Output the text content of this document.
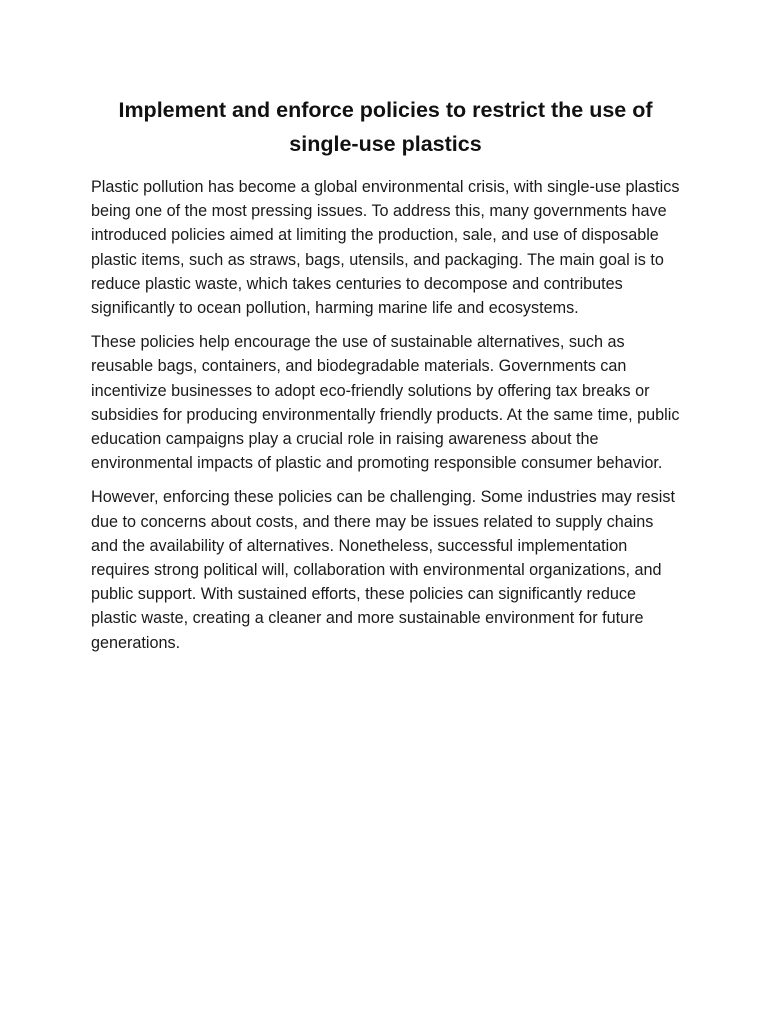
Implement and enforce policies to restrict the use of single-use plastics

Plastic pollution has become a global environmental crisis, with single-use plastics being one of the most pressing issues. To address this, many governments have introduced policies aimed at limiting the production, sale, and use of disposable plastic items, such as straws, bags, utensils, and packaging. The main goal is to reduce plastic waste, which takes centuries to decompose and contributes significantly to ocean pollution, harming marine life and ecosystems.

These policies help encourage the use of sustainable alternatives, such as reusable bags, containers, and biodegradable materials. Governments can incentivize businesses to adopt eco-friendly solutions by offering tax breaks or subsidies for producing environmentally friendly products. At the same time, public education campaigns play a crucial role in raising awareness about the environmental impacts of plastic and promoting responsible consumer behavior.

However, enforcing these policies can be challenging. Some industries may resist due to concerns about costs, and there may be issues related to supply chains and the availability of alternatives. Nonetheless, successful implementation requires strong political will, collaboration with environmental organizations, and public support. With sustained efforts, these policies can significantly reduce plastic waste, creating a cleaner and more sustainable environment for future generations.
